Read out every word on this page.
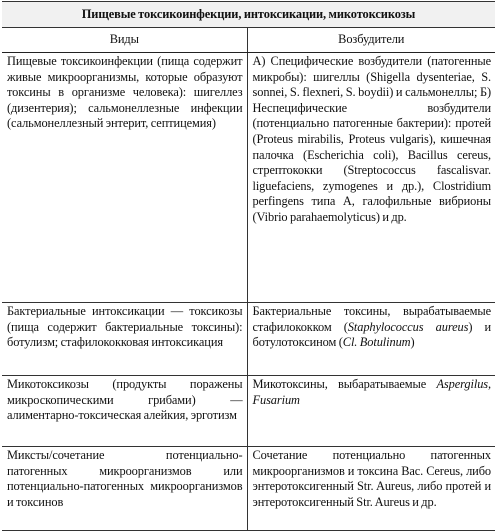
Пищевые токсикоинфекции, интоксикации, микотоксикозы	
Виды	Возбудители
Пищевые токсикоинфекции (пища содержит живые микроорганизмы, которые образуют токсины в организме человека): шигеллез (дизентерия); сальмонеллезные инфекции (сальмонеллезный энтерит, септицемия)	А) Специфические возбудители (патогенные микробы): шигеллы (Shigella dysenteriae, S. sonnei, S. flexneri, S. boydii) и сальмонеллы; Б) Неспецифические возбудители (потенциально патогенные бактерии): протей (Proteus mirabilis, Proteus vulgaris), кишечная палочка (Escherichia coli), Bacillus cereus, стрептококки (Streptococcus fascalisvar. liguefaciens, zymogenes и др.), Clostridium perfingens типа А, галофильные вибрионы (Vibrio parahaemolyticus) и др.
Бактериальные интоксикации — токсикозы (пища содержит бактериальные токсины): ботулизм; стафилококковая интоксикация	Бактериальные токсины, вырабатываемые стафилококком (Staphylococcus aureus) и ботулотоксином (Cl. Botulinum)
Микотоксикозы (продукты поражены микроскопическими грибами) — алиментарно-токсическая алейкия, эрготизм	Микотоксины, выбаратываемые Aspergilus, Fusarium
Миксты/сочетание потенциально-патогенных микроорганизмов или потенциально-патогенных микроорганизмов и токсинов	Сочетание потенциально патогенных микроорганизмов и токсина Bac. Cereus, либо энтеротоксигенный Str. Aureus, либо протей и энтеротоксигенный Str. Aureus и др.
